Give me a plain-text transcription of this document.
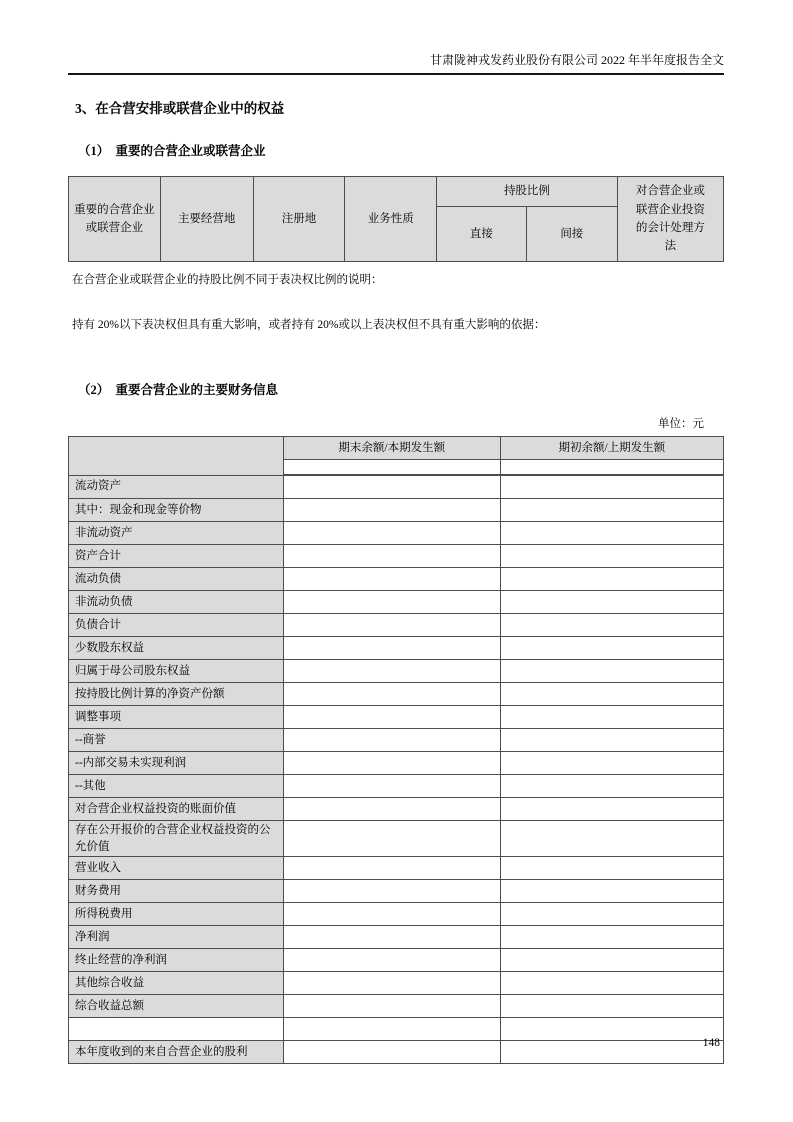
甘肃陇神戎发药业股份有限公司 2022 年半年度报告全文
3、在合营安排或联营企业中的权益
（1）　重要的合营企业或联营企业
重要的合营企业或联营企业	主要经营地	注册地	业务性质	持股比例		对合营企业或联营企业投资的会计处理方法
				直接	间接	
在合营企业或联营企业的持股比例不同于表决权比例的说明：
持有 20%以下表决权但具有重大影响，或者持有 20%或以上表决权但不具有重大影响的依据：
（2）　重要合营企业的主要财务信息
单位：元
	期末余额/本期发生额	期初余额/上期发生额

流动资产		
其中：现金和现金等价物		
非流动资产		
资产合计		
流动负债		
非流动负债		
负债合计		
少数股东权益		
归属于母公司股东权益		
按持股比例计算的净资产份额		
调整事项		
--商誉		
--内部交易未实现利润		
--其他		
对合营企业权益投资的账面价值		
存在公开报价的合营企业权益投资的公允价值		
营业收入		
财务费用		
所得税费用		
净利润		
终止经营的净利润		
其他综合收益		
综合收益总额		

本年度收到的来自合营企业的股利		
148
